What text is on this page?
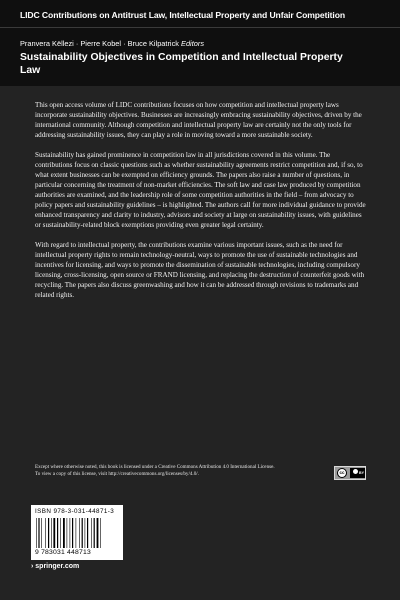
LIDC Contributions on Antitrust Law, Intellectual Property and Unfair Competition
Pranvera Këllezi · Pierre Kobel · Bruce Kilpatrick Editors
Sustainability Objectives in Competition and Intellectual Property Law

This open access volume of LIDC contributions focuses on how competition and intellectual property laws incorporate sustainability objectives. Businesses are increasingly embracing sustainability objectives, driven by the international community. Although competition and intellectual property law are certainly not the only tools for addressing sustainability issues, they can play a role in moving toward a more sustainable society.

Sustainability has gained prominence in competition law in all jurisdictions covered in this volume. The contributions focus on classic questions such as whether sustainability agreements restrict competition and, if so, to what extent businesses can be exempted on efficiency grounds. The papers also raise a number of questions, in particular concerning the treatment of non-market efficiencies. The soft law and case law produced by competition authorities are examined, and the leadership role of some competition authorities in the field – from advocacy to policy papers and sustainability guidelines – is highlighted. The authors call for more individual guidance to provide enhanced transparency and clarity to industry, advisors and society at large on sustainability issues, with guidelines or sustainability-related block exemptions providing even greater legal certainty.

With regard to intellectual property, the contributions examine various important issues, such as the need for intellectual property rights to remain technology-neutral, ways to promote the use of sustainable technologies and incentives for licensing, and ways to promote the dissemination of sustainable technologies, including compulsory licensing, cross-licensing, open source or FRAND licensing, and replacing the destruction of counterfeit goods with recycling. The papers also discuss greenwashing and how it can be addressed through revisions to trademarks and related rights.

Except where otherwise noted, this book is licensed under a Creative Commons Attribution 4.0 International License. To view a copy of this license, visit http://creativecommons.org/licenses/by/4.0/.	cc	BY
ISBN 978-3-031-44871-3
9 783031 448713
› springer.com
